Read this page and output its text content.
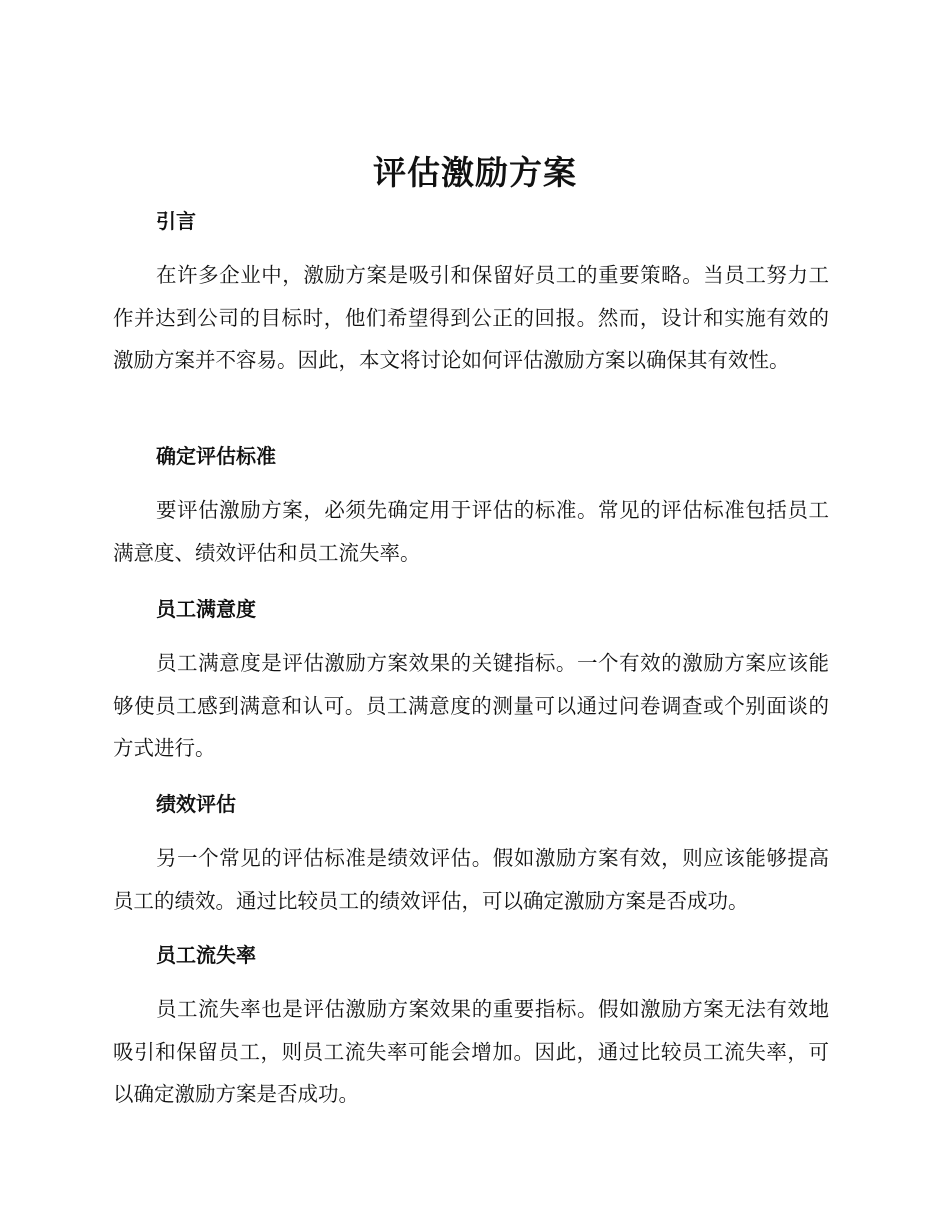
评估激励方案
引言
在许多企业中，激励方案是吸引和保留好员工的重要策略。当员工努力工作并达到公司的目标时，他们希望得到公正的回报。然而，设计和实施有效的激励方案并不容易。因此，本文将讨论如何评估激励方案以确保其有效性。
确定评估标准
要评估激励方案，必须先确定用于评估的标准。常见的评估标准包括员工满意度、绩效评估和员工流失率。
员工满意度
员工满意度是评估激励方案效果的关键指标。一个有效的激励方案应该能够使员工感到满意和认可。员工满意度的测量可以通过问卷调查或个别面谈的方式进行。
绩效评估
另一个常见的评估标准是绩效评估。假如激励方案有效，则应该能够提高员工的绩效。通过比较员工的绩效评估，可以确定激励方案是否成功。
员工流失率
员工流失率也是评估激励方案效果的重要指标。假如激励方案无法有效地吸引和保留员工，则员工流失率可能会增加。因此，通过比较员工流失率，可以确定激励方案是否成功。
